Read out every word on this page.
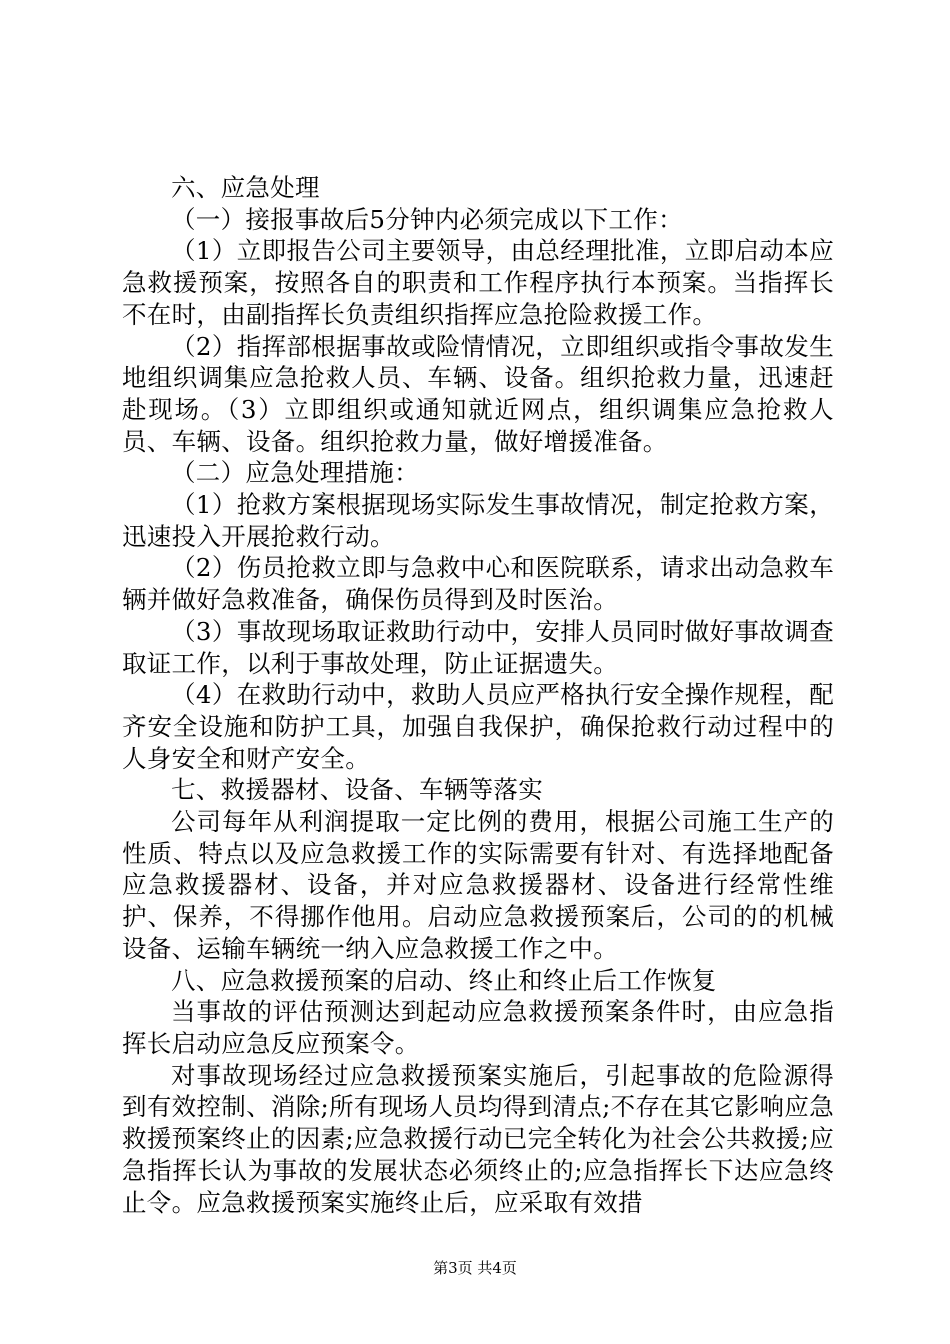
六、应急处理

（一）接报事故后5分钟内必须完成以下工作：

（1）立即报告公司主要领导，由总经理批准，立即启动本应急救援预案，按照各自的职责和工作程序执行本预案。当指挥长不在时，由副指挥长负责组织指挥应急抢险救援工作。

（2）指挥部根据事故或险情情况，立即组织或指令事故发生地组织调集应急抢救人员、车辆、设备。组织抢救力量，迅速赶赴现场。（3）立即组织或通知就近网点，组织调集应急抢救人员、车辆、设备。组织抢救力量，做好增援准备。

（二）应急处理措施：

（1）抢救方案根据现场实际发生事故情况，制定抢救方案，迅速投入开展抢救行动。

（2）伤员抢救立即与急救中心和医院联系，请求出动急救车辆并做好急救准备，确保伤员得到及时医治。

（3）事故现场取证救助行动中，安排人员同时做好事故调查取证工作，以利于事故处理，防止证据遗失。

（4）在救助行动中，救助人员应严格执行安全操作规程，配齐安全设施和防护工具，加强自我保护，确保抢救行动过程中的人身安全和财产安全。

七、救援器材、设备、车辆等落实

公司每年从利润提取一定比例的费用，根据公司施工生产的性质、特点以及应急救援工作的实际需要有针对、有选择地配备应急救援器材、设备，并对应急救援器材、设备进行经常性维护、保养，不得挪作他用。启动应急救援预案后，公司的的机械设备、运输车辆统一纳入应急救援工作之中。

八、应急救援预案的启动、终止和终止后工作恢复

当事故的评估预测达到起动应急救援预案条件时，由应急指挥长启动应急反应预案令。

对事故现场经过应急救援预案实施后，引起事故的危险源得到有效控制、消除;所有现场人员均得到清点;不存在其它影响应急救援预案终止的因素;应急救援行动已完全转化为社会公共救援;应急指挥长认为事故的发展状态必须终止的;应急指挥长下达应急终止令。应急救援预案实施终止后，应采取有效措

第3页 共4页
